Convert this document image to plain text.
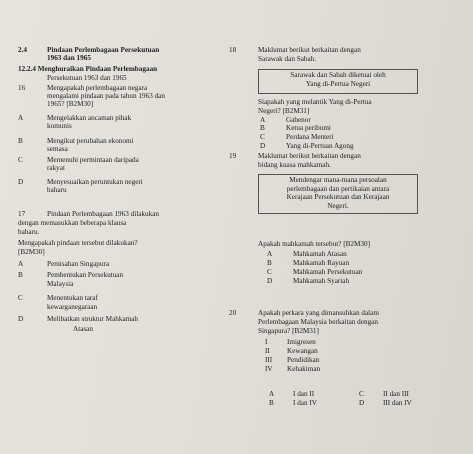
2.4	Pindaan Perlembagaan Persekutuan
1963 dan 1965
12.2.4 Menghuraikan Pindaan Perlembagaan
Persekutuan 1963 dan 1965
16	Mengapakah perlembagaan negara
mengalami pindaan pada tahun 1963 dan
1965? [B2M30]
A	Mengelakkan ancaman pihak
komunis
B	Mengikut perubahan ekonomi
semasa
C	Memenuhi permintaan daripada
rakyat
D	Menyesuaikan peruntukan negeri
baharu
17	Pindaan Perlembagaan 1963 dilakukan
dengan memasukkan beberapa klausa
baharu.
Mengapakah pindaan tersebut dilakukan?
[B2M30]
A	Pemisahan Singapura
B	Pembentukan Persekutuan
Malaysia
C	Menentukan taraf
kewarganegaraan
D	Melibatkan struktur Mahkamah
Atasan
18	Maklumat berikut berkaitan dengan
Sarawak dan Sabah.
Sarawak dan Sabah diketuai oleh
Yang di-Pertua Negeri
Siapakah yang melantik Yang di-Pertua
Negeri? [B2M31]
A	Gabenor
B	Ketua peribumi
C	Perdana Menteri
D	Yang di-Pertuan Agong
19	Maklumat berikut berkaitan dengan
bidang kuasa mahkamah.
Mendengar mana-mana persoalan
perlembagaan dan pertikaian antara
Kerajaan Persekutuan dan Kerajaan
Negeri.
Apakah mahkamah tersebut? [B2M30]
A	Mahkamah Atasan
B	Mahkamah Rayuan
C	Mahkamah Persekutuan
D	Mahkamah Syariah
20	Apakah perkara yang dimansuhkan dalam
Perlembagaan Malaysia berkaitan dengan
Singapura? [B2M31]
I	Imigresen
II Kewangan
III Pendidikan
IV Kehakiman
A	I dan II
B	I dan IV
C	II dan III
D	III dan IV
